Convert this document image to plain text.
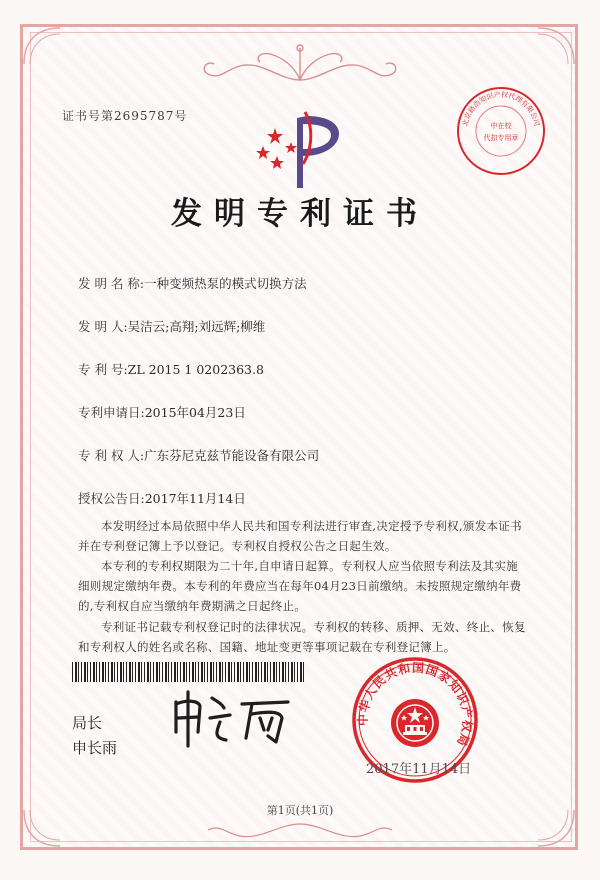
证书号第2695787号	北京路浩知识产权代理有限公司
中在校
代扣专用章
发明专利证书
发 明 名 称:一种变频热泵的模式切换方法
发 明 人:吴洁云;高翔;刘远辉;柳维
专 利 号:ZL 2015 1 0202363.8
专利申请日:2015年04月23日
专 利 权 人:广东芬尼克兹节能设备有限公司
授权公告日:2017年11月14日
本发明经过本局依照中华人民共和国专利法进行审查,决定授予专利权,颁发本证书并在专利登记簿上予以登记。专利权自授权公告之日起生效。
本专利的专利权期限为二十年,自申请日起算。专利权人应当依照专利法及其实施细则规定缴纳年费。本专利的年费应当在每年04月23日前缴纳。未按照规定缴纳年费的,专利权自应当缴纳年费期满之日起终止。
专利证书记载专利权登记时的法律状况。专利权的转移、质押、无效、终止、恢复和专利权人的姓名或名称、国籍、地址变更等事项记载在专利登记簿上。
局长
申长雨
中华人民共和国国家知识产权局
2017年11月14日
第1页(共1页)
